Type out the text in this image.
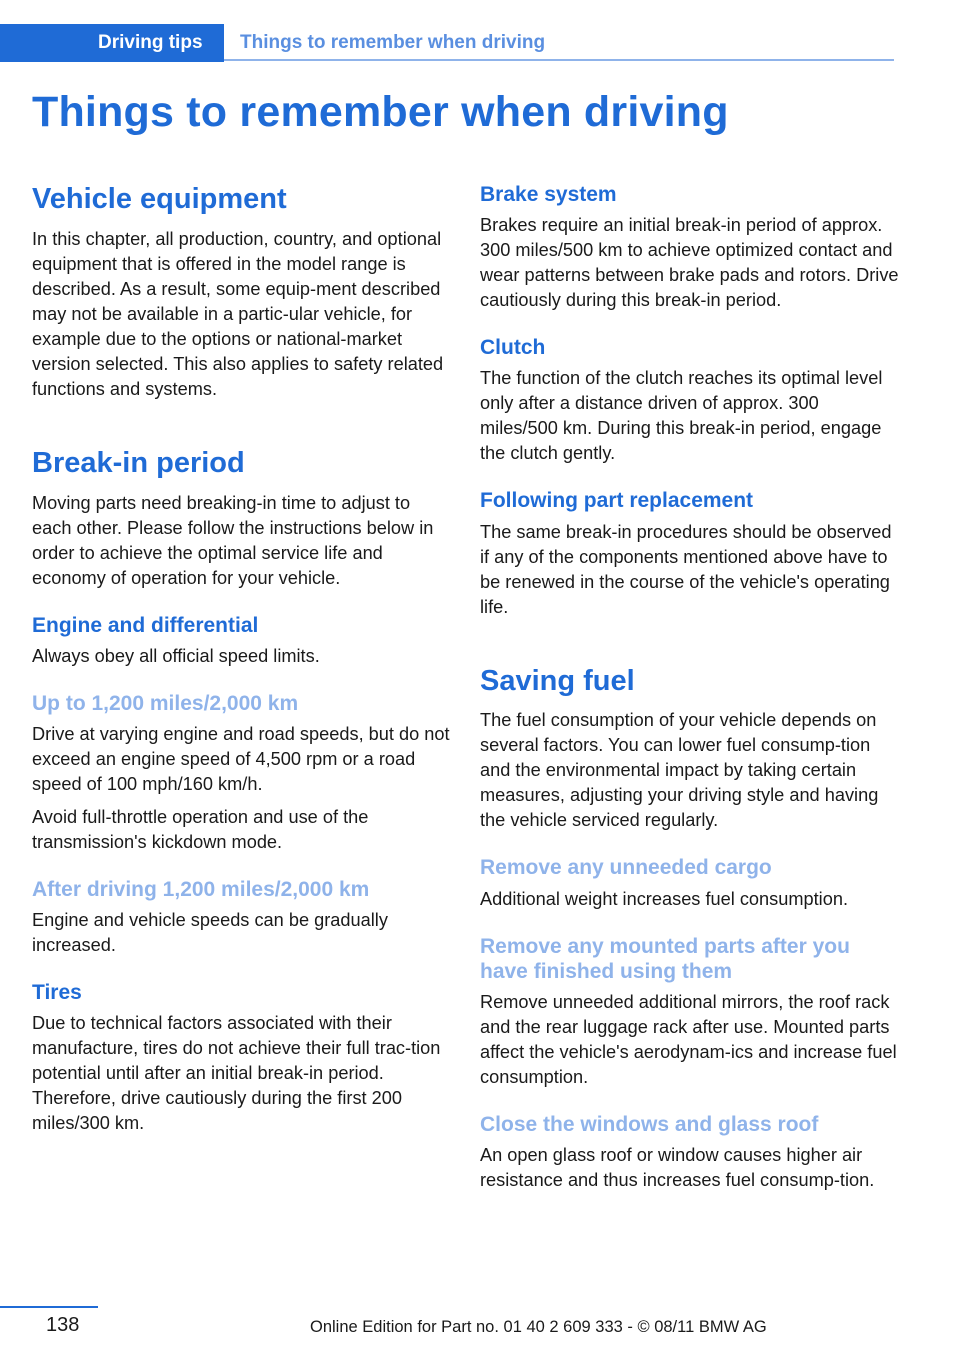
Driving tips	Things to remember when driving
Things to remember when driving
Vehicle equipment

In this chapter, all production, country, and optional equipment that is offered in the model range is described. As a result, some equip-ment described may not be available in a partic-ular vehicle, for example due to the options or national-market version selected. This also applies to safety related functions and systems.

Break-in period

Moving parts need breaking-in time to adjust to each other. Please follow the instructions below in order to achieve the optimal service life and economy of operation for your vehicle.

Engine and differential

Always obey all official speed limits.

Up to 1,200 miles/2,000 km

Drive at varying engine and road speeds, but do not exceed an engine speed of 4,500 rpm or a road speed of 100 mph/160 km/h.

Avoid full-throttle operation and use of the transmission's kickdown mode.

After driving 1,200 miles/2,000 km

Engine and vehicle speeds can be gradually increased.

Tires

Due to technical factors associated with their manufacture, tires do not achieve their full trac-tion potential until after an initial break-in period. Therefore, drive cautiously during the first 200 miles/300 km.

Brake system

Brakes require an initial break-in period of approx. 300 miles/500 km to achieve optimized contact and wear patterns between brake pads and rotors. Drive cautiously during this break-in period.

Clutch

The function of the clutch reaches its optimal level only after a distance driven of approx. 300 miles/500 km. During this break-in period, engage the clutch gently.

Following part replacement

The same break-in procedures should be observed if any of the components mentioned above have to be renewed in the course of the vehicle's operating life.

Saving fuel

The fuel consumption of your vehicle depends on several factors. You can lower fuel consump-tion and the environmental impact by taking certain measures, adjusting your driving style and having the vehicle serviced regularly.

Remove any unneeded cargo

Additional weight increases fuel consumption.

Remove any mounted parts after you have finished using them

Remove unneeded additional mirrors, the roof rack and the rear luggage rack after use. Mounted parts affect the vehicle's aerodynam-ics and increase fuel consumption.

Close the windows and glass roof

An open glass roof or window causes higher air resistance and thus increases fuel consump-tion.

138	Online Edition for Part no. 01 40 2 609 333 - © 08/11 BMW AG
